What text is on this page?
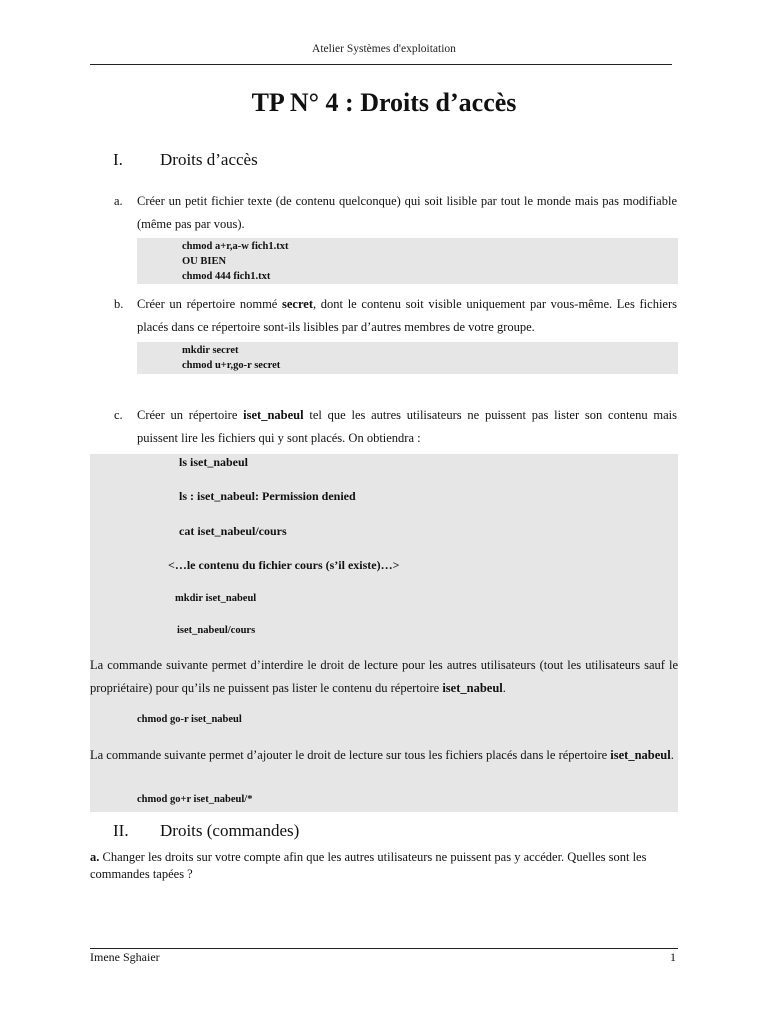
Atelier Systèmes d'exploitation
TP N° 4 : Droits d’accès
I. Droits d’accès

a. Créer un petit fichier texte (de contenu quelconque) qui soit lisible par tout le monde mais pas modifiable (même pas par vous).

chmod a+r,a-w fich1.txt
OU BIEN
chmod 444 fich1.txt

b. Créer un répertoire nommé secret, dont le contenu soit visible uniquement par vous-même. Les fichiers placés dans ce répertoire sont-ils lisibles par d’autres membres de votre groupe.

mkdir secret
chmod u+r,go-r secret

c. Créer un répertoire iset_nabeul tel que les autres utilisateurs ne puissent pas lister son contenu mais puissent lire les fichiers qui y sont placés. On obtiendra :

ls iset_nabeul
ls : iset_nabeul: Permission denied
cat iset_nabeul/cours
<…le contenu du fichier cours (s’il existe)…>
mkdir iset_nabeul
iset_nabeul/cours

La commande suivante permet d’interdire le droit de lecture pour les autres utilisateurs (tout les utilisateurs sauf le propriétaire) pour qu’ils ne puissent pas lister le contenu du répertoire iset_nabeul.

chmod go-r iset_nabeul

La commande suivante permet d’ajouter le droit de lecture sur tous les fichiers placés dans le répertoire iset_nabeul.

chmod go+r iset_nabeul/*
II. Droits (commandes)

a. Changer les droits sur votre compte afin que les autres utilisateurs ne puissent pas y accéder. Quelles sont les commandes tapées ?

Imene Sghaier	1
